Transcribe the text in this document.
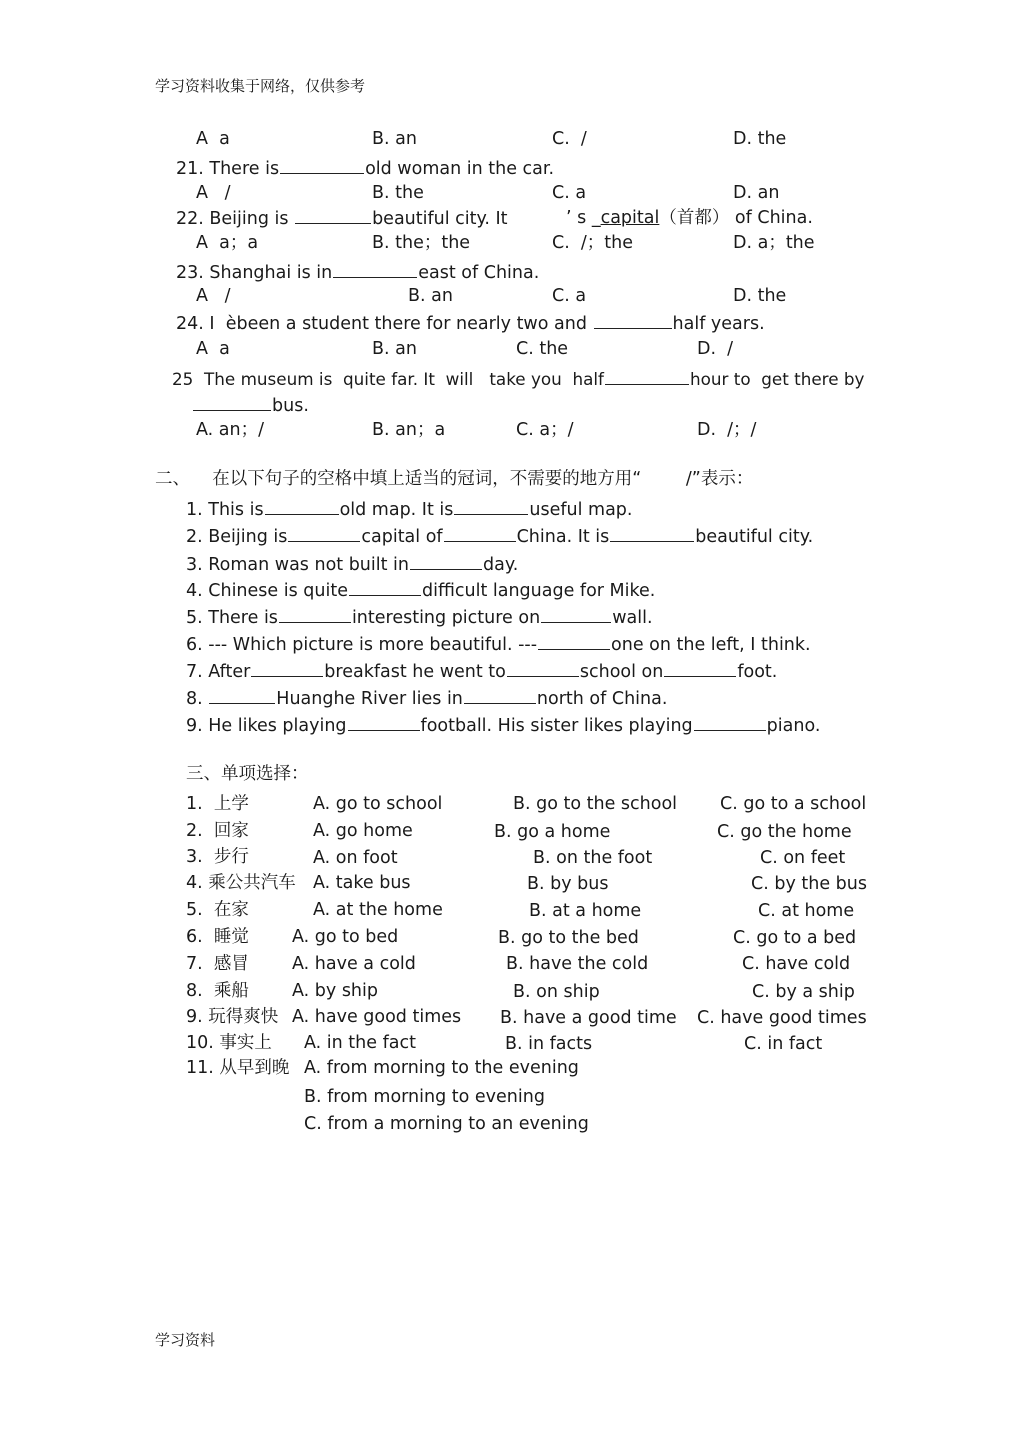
学习资料收集于网络，仅供参考
A  a	B. an	C.  /	D. the
21. There is	old woman in the car.
A   /	B. the	C. a	D. an
22. Beijing is	beautiful city. It	’ s _capital（首都） of China.
A  a；a	B. the；the	C.  /；the	D. a；the
23. Shanghai is in	east of China.
A   /	B. an	C. a	D. the
24. I èbeen a student there for nearly two and	half years.
A  a	B. an	C. the	D.  /
25  The museum is  quite far. It  will   take you  half	hour to  get there by
bus.
A. an；/	B. an；a	C. a；/	D.  /；/
二、 在以下句子的空格中填上适当的冠词，不需要的地方用“	/”表示：
1. This is	old map. It is	useful map.
2. Beijing is	capital of	China. It is	beautiful city.
3. Roman was not built in	day.
4. Chinese is quite	difficult language for Mike.
5. There is	interesting picture on	wall.
6. --- Which picture is more beautiful. ---	one on the left, I think.
7. After	breakfast he went to	school on	foot.
8.	Huanghe River lies in	north of China.
9. He likes playing	football. His sister likes playing	piano.
三、单项选择：
1. 上学	A. go to school	B. go to the school C. go to a school
2. 回家	A. go home	B. go a home	C. go the home
3. 步行	A. on foot	B. on the foot	C. on feet
4. 乘公共汽车 A. take bus	B. by bus	C. by the bus
5. 在家	A. at the home	B. at a home	C. at home
6. 睡觉 A. go to bed	B. go to the bed	C. go to a bed
7. 感冒 A. have a cold	B. have the cold	C. have cold
8. 乘船 A. by ship	B. on ship	C. by a ship
9. 玩得爽快 A. have good times B. have a good time C. have good times
10. 事实上 A. in the fact	B. in facts	C. in fact
11. 从早到晚 A. from morning to the evening
B. from morning to evening
C. from a morning to an evening
学习资料
